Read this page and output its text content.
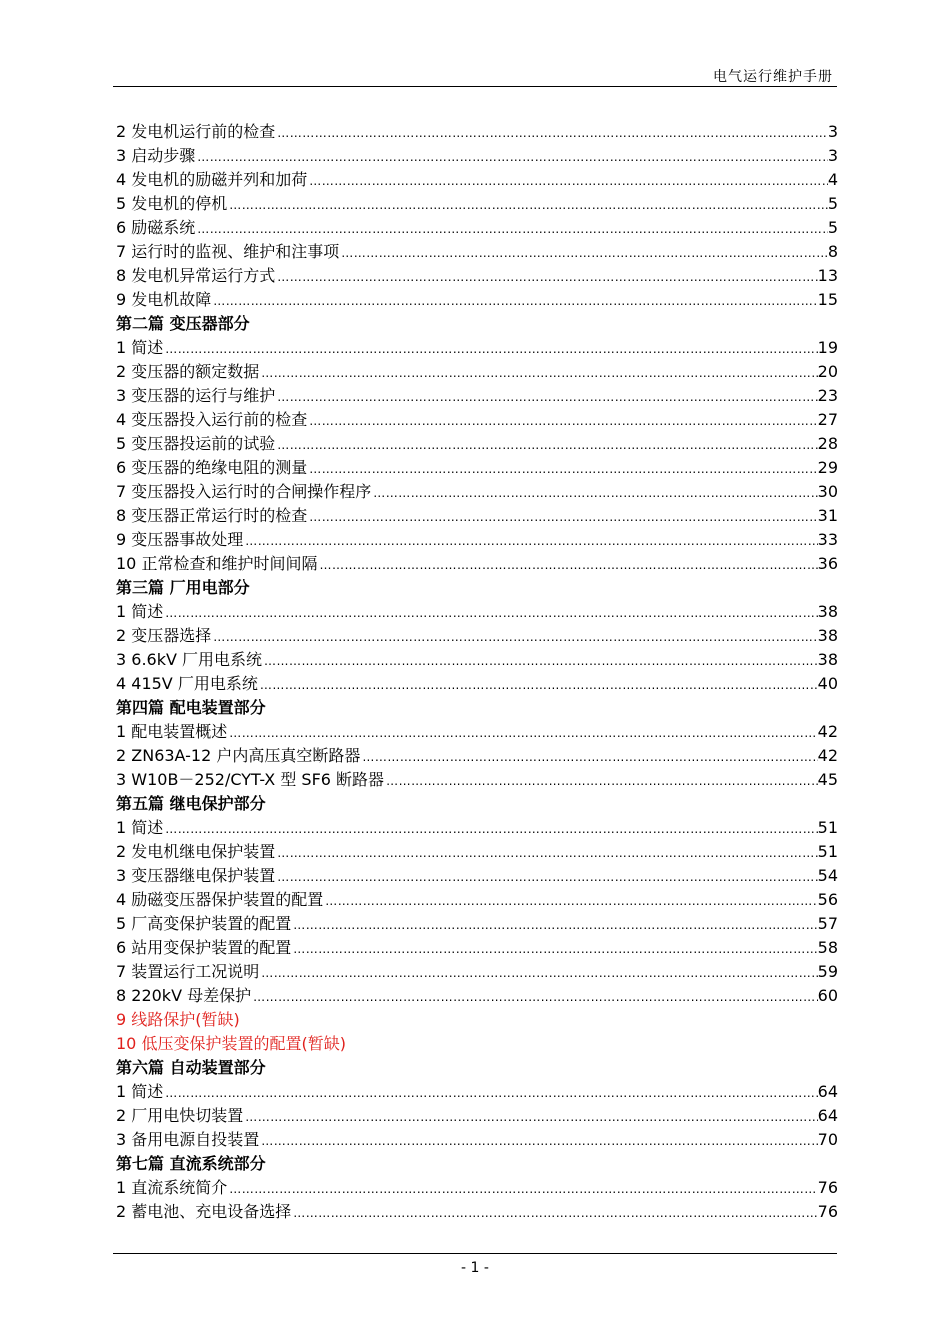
电气运行维护手册
2 发电机运行前的检查 ……………………………………………………………………………………………………………………………………………………………………………………………………………………………………	3
3 启动步骤 ……………………………………………………………………………………………………………………………………………………………………………………………………………………………………	3
4 发电机的励磁并列和加荷 ……………………………………………………………………………………………………………………………………………………………………………………………………………………………………	4
5 发电机的停机 ……………………………………………………………………………………………………………………………………………………………………………………………………………………………………	5
6 励磁系统 ……………………………………………………………………………………………………………………………………………………………………………………………………………………………………	5
7 运行时的监视、维护和注事项 ……………………………………………………………………………………………………………………………………………………………………………………………………………………………………	8
8 发电机异常运行方式 ……………………………………………………………………………………………………………………………………………………………………………………………………………………………………	13
9 发电机故障 ……………………………………………………………………………………………………………………………………………………………………………………………………………………………………	15
第二篇 变压器部分
1 简述 ……………………………………………………………………………………………………………………………………………………………………………………………………………………………………	19
2 变压器的额定数据 ……………………………………………………………………………………………………………………………………………………………………………………………………………………………………	20
3 变压器的运行与维护 ……………………………………………………………………………………………………………………………………………………………………………………………………………………………………	23
4 变压器投入运行前的检查 ……………………………………………………………………………………………………………………………………………………………………………………………………………………………………	27
5 变压器投运前的试验 ……………………………………………………………………………………………………………………………………………………………………………………………………………………………………	28
6 变压器的绝缘电阻的测量 ……………………………………………………………………………………………………………………………………………………………………………………………………………………………………	29
7 变压器投入运行时的合闸操作程序 ……………………………………………………………………………………………………………………………………………………………………………………………………………………………………	30
8 变压器正常运行时的检查 ……………………………………………………………………………………………………………………………………………………………………………………………………………………………………	31
9 变压器事故处理 ……………………………………………………………………………………………………………………………………………………………………………………………………………………………………	33
10 正常检查和维护时间间隔 ……………………………………………………………………………………………………………………………………………………………………………………………………………………………………	36
第三篇 厂用电部分
1 简述 ……………………………………………………………………………………………………………………………………………………………………………………………………………………………………	38
2 变压器选择 ……………………………………………………………………………………………………………………………………………………………………………………………………………………………………	38
3 6.6kV 厂用电系统 ……………………………………………………………………………………………………………………………………………………………………………………………………………………………………	38
4 415V 厂用电系统 ……………………………………………………………………………………………………………………………………………………………………………………………………………………………………	40
第四篇 配电装置部分
1 配电装置概述 ……………………………………………………………………………………………………………………………………………………………………………………………………………………………………	42
2 ZN63A-12 户内高压真空断路器 ……………………………………………………………………………………………………………………………………………………………………………………………………………………………………	42
3 W10B－252/CYT-X 型 SF6 断路器 ……………………………………………………………………………………………………………………………………………………………………………………………………………………………………	45
第五篇 继电保护部分
1 简述 ……………………………………………………………………………………………………………………………………………………………………………………………………………………………………	51
2 发电机继电保护装置 ……………………………………………………………………………………………………………………………………………………………………………………………………………………………………	51
3 变压器继电保护装置 ……………………………………………………………………………………………………………………………………………………………………………………………………………………………………	54
4 励磁变压器保护装置的配置 ……………………………………………………………………………………………………………………………………………………………………………………………………………………………………	56
5 厂高变保护装置的配置 ……………………………………………………………………………………………………………………………………………………………………………………………………………………………………	57
6 站用变保护装置的配置 ……………………………………………………………………………………………………………………………………………………………………………………………………………………………………	58
7 装置运行工况说明 ……………………………………………………………………………………………………………………………………………………………………………………………………………………………………	59
8 220kV 母差保护 ……………………………………………………………………………………………………………………………………………………………………………………………………………………………………	60
9 线路保护(暂缺)
10 低压变保护装置的配置(暂缺)
第六篇 自动装置部分
1 简述 ……………………………………………………………………………………………………………………………………………………………………………………………………………………………………	64
2 厂用电快切装置 ……………………………………………………………………………………………………………………………………………………………………………………………………………………………………	64
3 备用电源自投装置 ……………………………………………………………………………………………………………………………………………………………………………………………………………………………………	70
第七篇 直流系统部分
1 直流系统简介 ……………………………………………………………………………………………………………………………………………………………………………………………………………………………………	76
2 蓄电池、充电设备选择 ……………………………………………………………………………………………………………………………………………………………………………………………………………………………………	76
- 1 -
